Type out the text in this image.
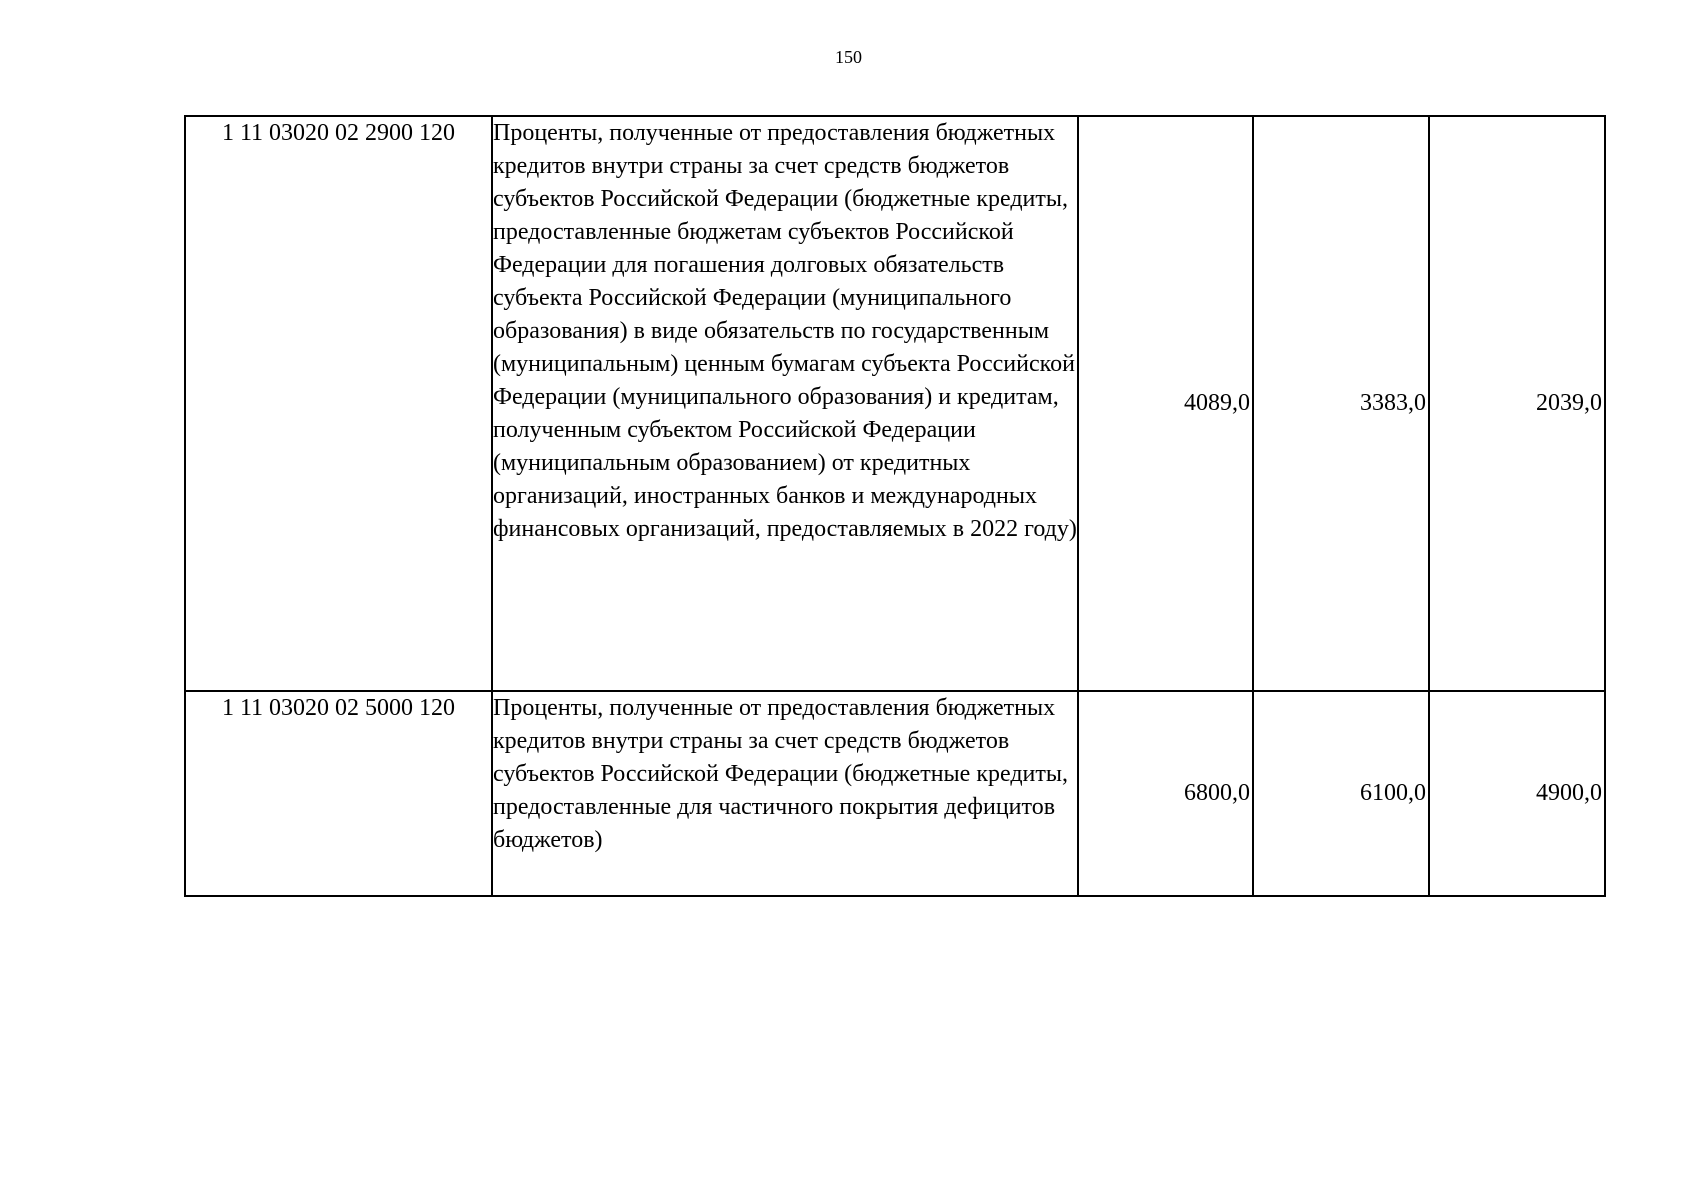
150
1 11 03020 02 2900 120	Проценты, полученные от предоставления бюджетных кредитов внутри страны за счет средств бюджетов субъектов Российской Федерации (бюджетные кредиты, предоставленные бюджетам субъектов Российской Федерации для погашения долговых обязательств субъекта Российской Федерации (муниципального образования) в виде обязательств по государственным (муниципальным) ценным бумагам субъекта Российской Федерации (муниципального образования) и кредитам, полученным субъектом Российской Федерации (муниципальным образованием) от кредитных организаций, иностранных банков и международных финансовых организаций, предоставляемых в 2022 году)	4089,0	3383,0	2039,0
1 11 03020 02 5000 120	Проценты, полученные от предоставления бюджетных кредитов внутри страны за счет средств бюджетов субъектов Российской Федерации (бюджетные кредиты, предоставленные для частичного покрытия дефицитов бюджетов)	6800,0	6100,0	4900,0
